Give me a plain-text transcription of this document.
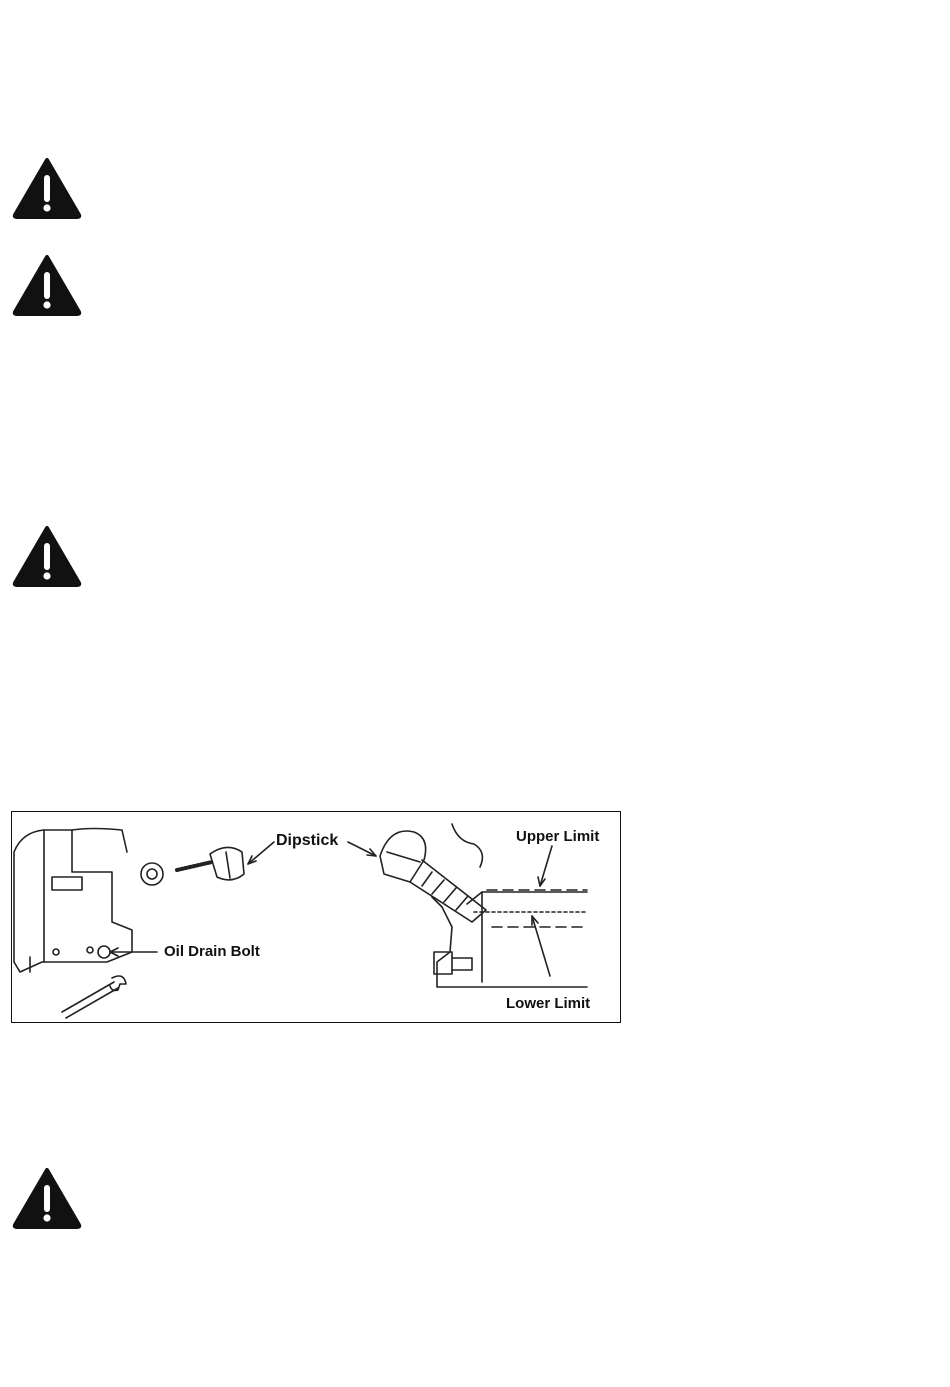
Dipstick
Oil Drain Bolt
Upper Limit
Lower Limit
